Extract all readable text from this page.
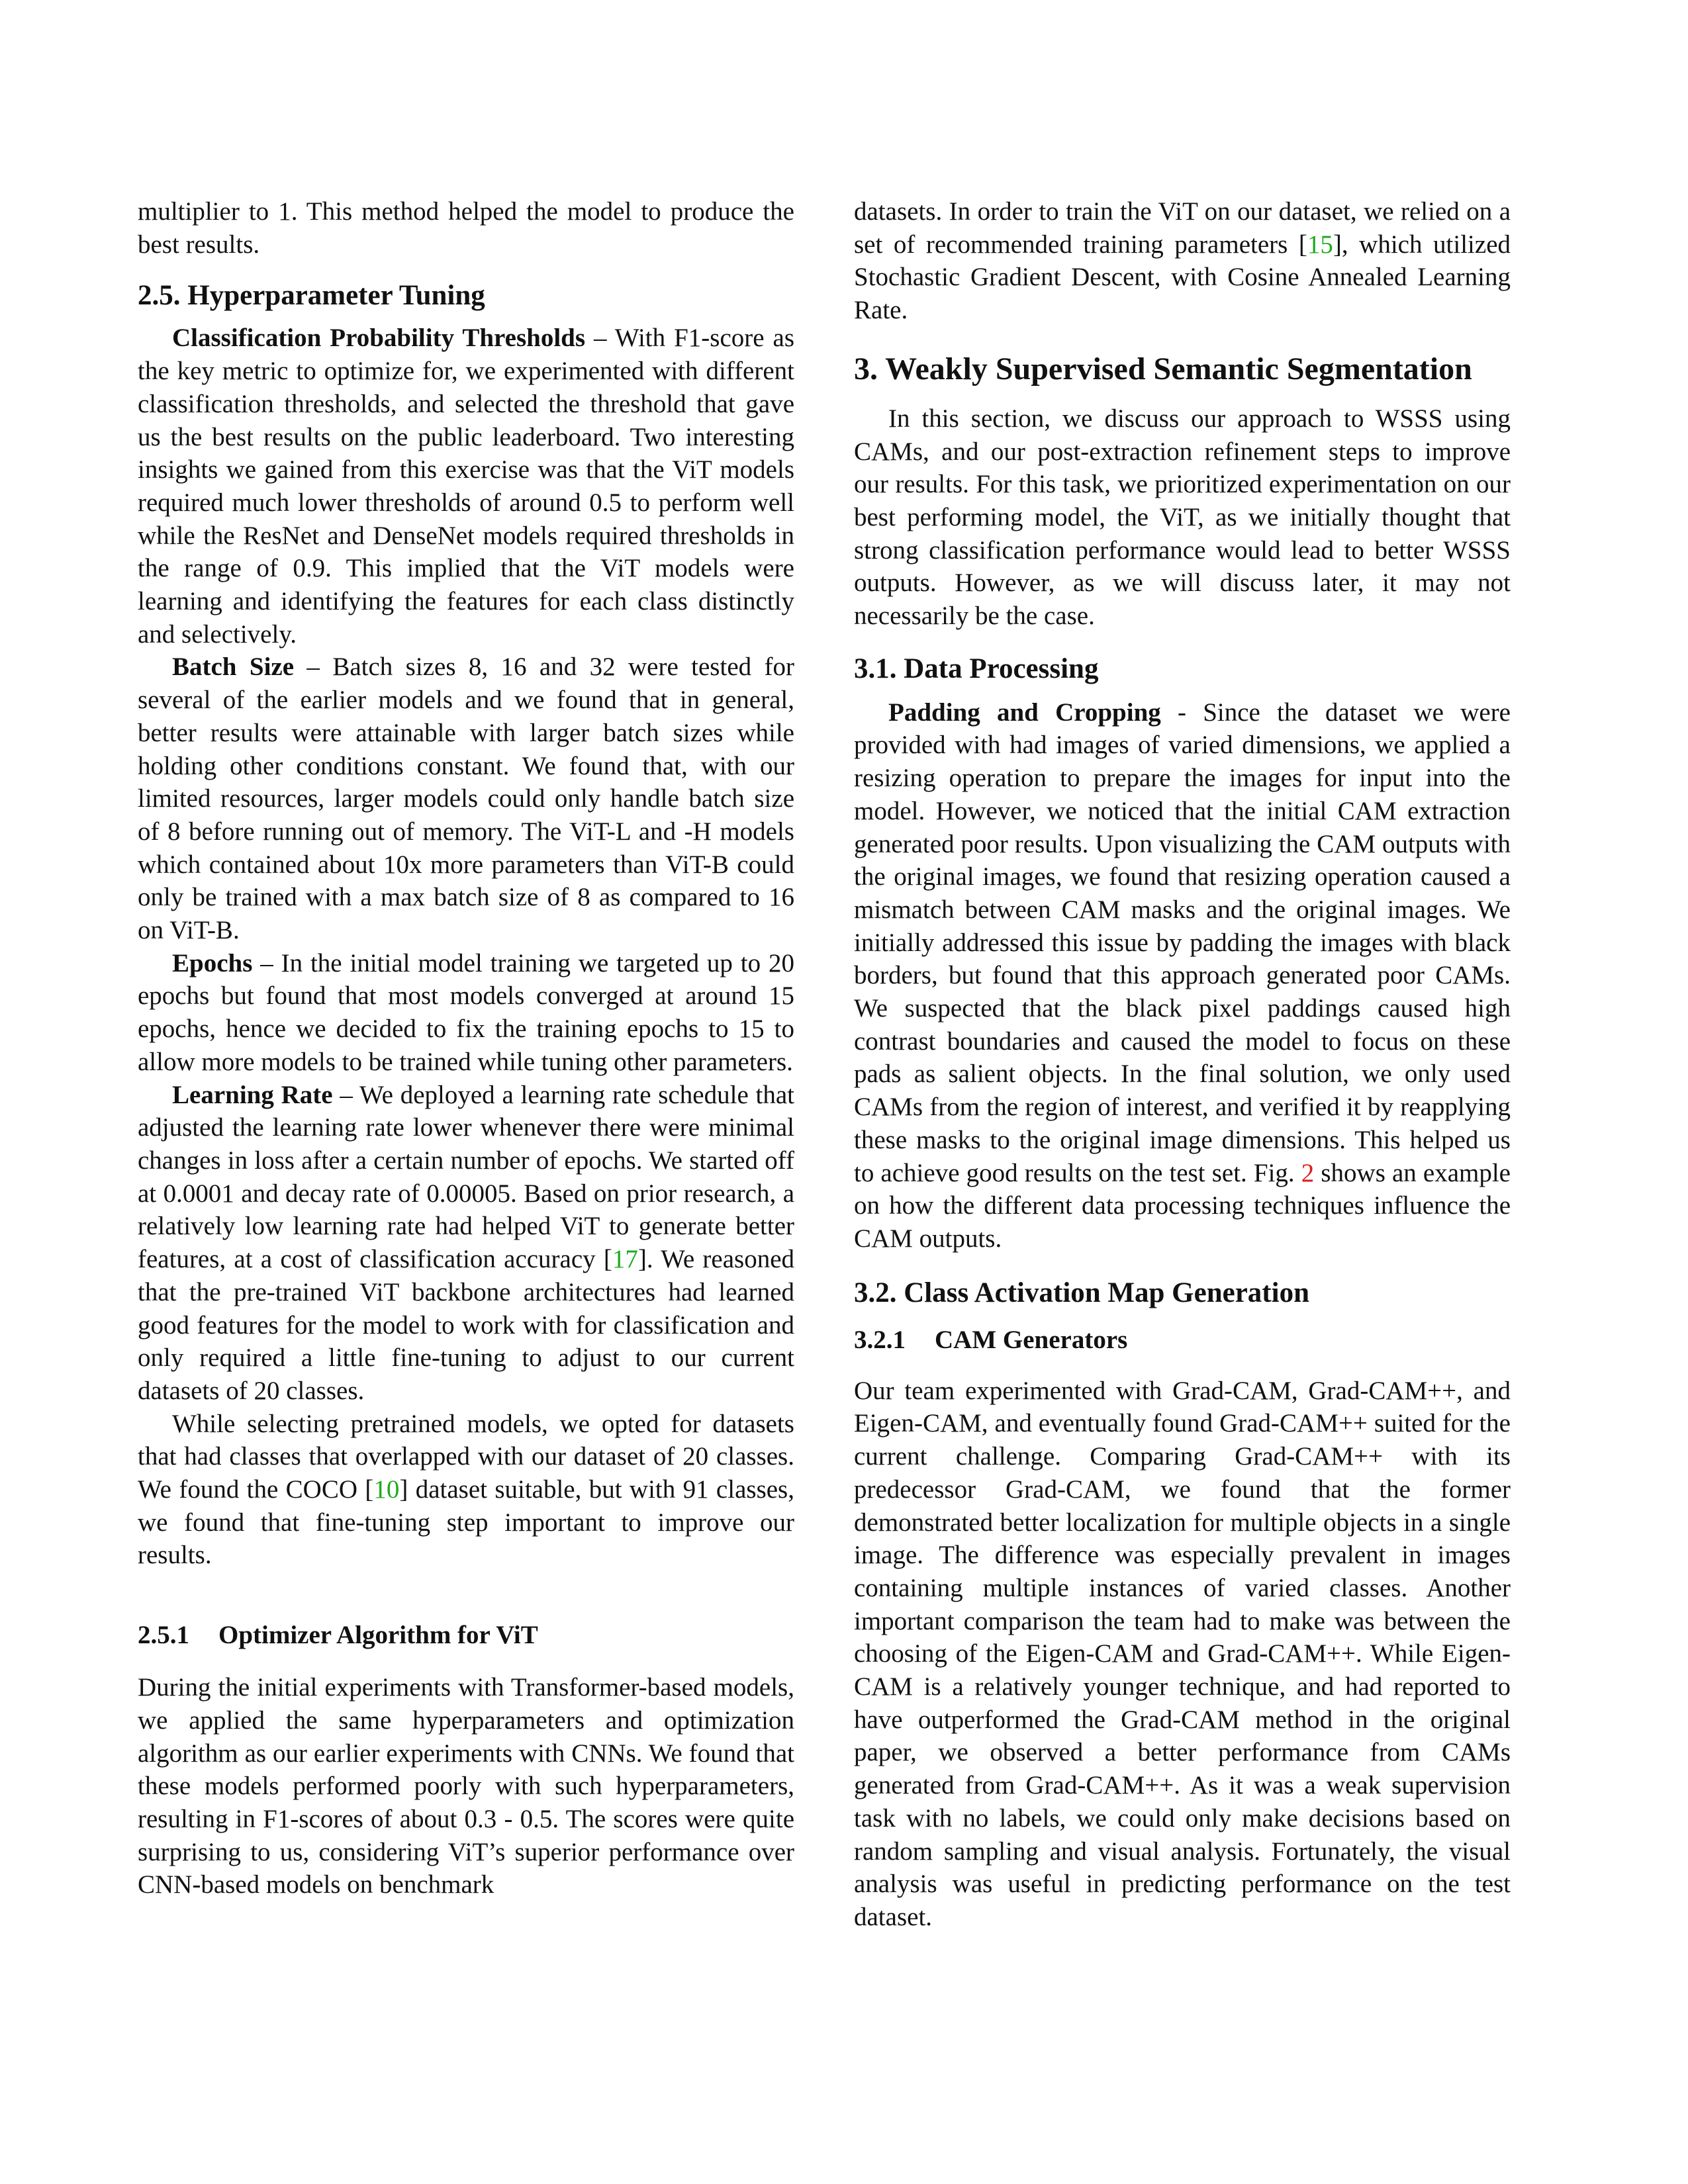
multiplier to 1. This method helped the model to produce the best results.

2.5. Hyperparameter Tuning

Classification Probability Thresholds – With F1-score as the key metric to optimize for, we experimented with different classification thresholds, and selected the threshold that gave us the best results on the public leaderboard. Two interesting insights we gained from this exercise was that the ViT models required much lower thresholds of around 0.5 to perform well while the ResNet and DenseNet models required thresholds in the range of 0.9. This implied that the ViT models were learning and identifying the features for each class distinctly and selectively.

Batch Size – Batch sizes 8, 16 and 32 were tested for several of the earlier models and we found that in general, better results were attainable with larger batch sizes while holding other conditions constant. We found that, with our limited resources, larger models could only handle batch size of 8 before running out of memory. The ViT-L and -H models which contained about 10x more parameters than ViT-B could only be trained with a max batch size of 8 as compared to 16 on ViT-B.

Epochs – In the initial model training we targeted up to 20 epochs but found that most models converged at around 15 epochs, hence we decided to fix the training epochs to 15 to allow more models to be trained while tuning other parameters.

Learning Rate – We deployed a learning rate schedule that adjusted the learning rate lower whenever there were minimal changes in loss after a certain number of epochs. We started off at 0.0001 and decay rate of 0.00005. Based on prior research, a relatively low learning rate had helped ViT to generate better features, at a cost of classification accuracy [17]. We reasoned that the pre-trained ViT backbone architectures had learned good features for the model to work with for classification and only required a little fine-tuning to adjust to our current datasets of 20 classes.

While selecting pretrained models, we opted for datasets that had classes that overlapped with our dataset of 20 classes. We found the COCO [10] dataset suitable, but with 91 classes, we found that fine-tuning step important to improve our results.

2.5.1 Optimizer Algorithm for ViT

During the initial experiments with Transformer-based models, we applied the same hyperparameters and optimization algorithm as our earlier experiments with CNNs. We found that these models performed poorly with such hyperparameters, resulting in F1-scores of about 0.3 - 0.5. The scores were quite surprising to us, considering ViT’s superior performance over CNN-based models on benchmark

datasets. In order to train the ViT on our dataset, we relied on a set of recommended training parameters [15], which utilized Stochastic Gradient Descent, with Cosine Annealed Learning Rate.

3. Weakly Supervised Semantic Segmentation

In this section, we discuss our approach to WSSS using CAMs, and our post-extraction refinement steps to improve our results. For this task, we prioritized experimentation on our best performing model, the ViT, as we initially thought that strong classification performance would lead to better WSSS outputs. However, as we will discuss later, it may not necessarily be the case.

3.1. Data Processing

Padding and Cropping - Since the dataset we were provided with had images of varied dimensions, we applied a resizing operation to prepare the images for input into the model. However, we noticed that the initial CAM extraction generated poor results. Upon visualizing the CAM outputs with the original images, we found that resizing operation caused a mismatch between CAM masks and the original images. We initially addressed this issue by padding the images with black borders, but found that this approach generated poor CAMs. We suspected that the black pixel paddings caused high contrast boundaries and caused the model to focus on these pads as salient objects. In the final solution, we only used CAMs from the region of interest, and verified it by reapplying these masks to the original image dimensions. This helped us to achieve good results on the test set. Fig. 2 shows an example on how the different data processing techniques influence the CAM outputs.

3.2. Class Activation Map Generation
3.2.1 CAM Generators

Our team experimented with Grad-CAM, Grad-CAM++, and Eigen-CAM, and eventually found Grad-CAM++ suited for the current challenge. Comparing Grad-CAM++ with its predecessor Grad-CAM, we found that the former demonstrated better localization for multiple objects in a single image. The difference was especially prevalent in images containing multiple instances of varied classes. Another important comparison the team had to make was between the choosing of the Eigen-CAM and Grad-CAM++. While Eigen-CAM is a relatively younger technique, and had reported to have outperformed the Grad-CAM method in the original paper, we observed a better performance from CAMs generated from Grad-CAM++. As it was a weak supervision task with no labels, we could only make decisions based on random sampling and visual analysis. Fortunately, the visual analysis was useful in predicting performance on the test dataset.
